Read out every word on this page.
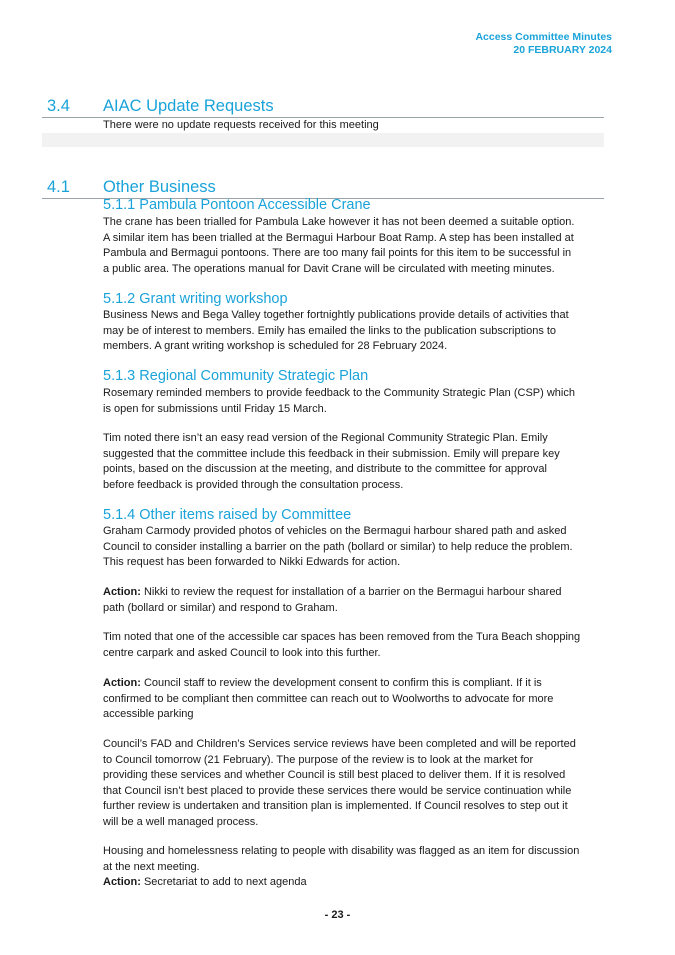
Access Committee Minutes
20 FEBRUARY 2024
3.4 AIAC Update Requests
There were no update requests received for this meeting
4.1 Other Business
5.1.1 Pambula Pontoon Accessible Crane
The crane has been trialled for Pambula Lake however it has not been deemed a suitable option.
A similar item has been trialled at the Bermagui Harbour Boat Ramp. A step has been installed at
Pambula and Bermagui pontoons. There are too many fail points for this item to be successful in
a public area. The operations manual for Davit Crane will be circulated with meeting minutes.
5.1.2 Grant writing workshop
Business News and Bega Valley together fortnightly publications provide details of activities that
may be of interest to members. Emily has emailed the links to the publication subscriptions to
members. A grant writing workshop is scheduled for 28 February 2024.
5.1.3 Regional Community Strategic Plan
Rosemary reminded members to provide feedback to the Community Strategic Plan (CSP) which
is open for submissions until Friday 15 March.
Tim noted there isn’t an easy read version of the Regional Community Strategic Plan. Emily
suggested that the committee include this feedback in their submission. Emily will prepare key
points, based on the discussion at the meeting, and distribute to the committee for approval
before feedback is provided through the consultation process.
5.1.4 Other items raised by Committee
Graham Carmody provided photos of vehicles on the Bermagui harbour shared path and asked
Council to consider installing a barrier on the path (bollard or similar) to help reduce the problem.
This request has been forwarded to Nikki Edwards for action.
Action: Nikki to review the request for installation of a barrier on the Bermagui harbour shared
path (bollard or similar) and respond to Graham.
Tim noted that one of the accessible car spaces has been removed from the Tura Beach shopping
centre carpark and asked Council to look into this further.
Action: Council staff to review the development consent to confirm this is compliant. If it is
confirmed to be compliant then committee can reach out to Woolworths to advocate for more
accessible parking
Council’s FAD and Children’s Services service reviews have been completed and will be reported
to Council tomorrow (21 February). The purpose of the review is to look at the market for
providing these services and whether Council is still best placed to deliver them. If it is resolved
that Council isn’t best placed to provide these services there would be service continuation while
further review is undertaken and transition plan is implemented. If Council resolves to step out it
will be a well managed process.
Housing and homelessness relating to people with disability was flagged as an item for discussion
at the next meeting.
Action: Secretariat to add to next agenda
- 23 -
